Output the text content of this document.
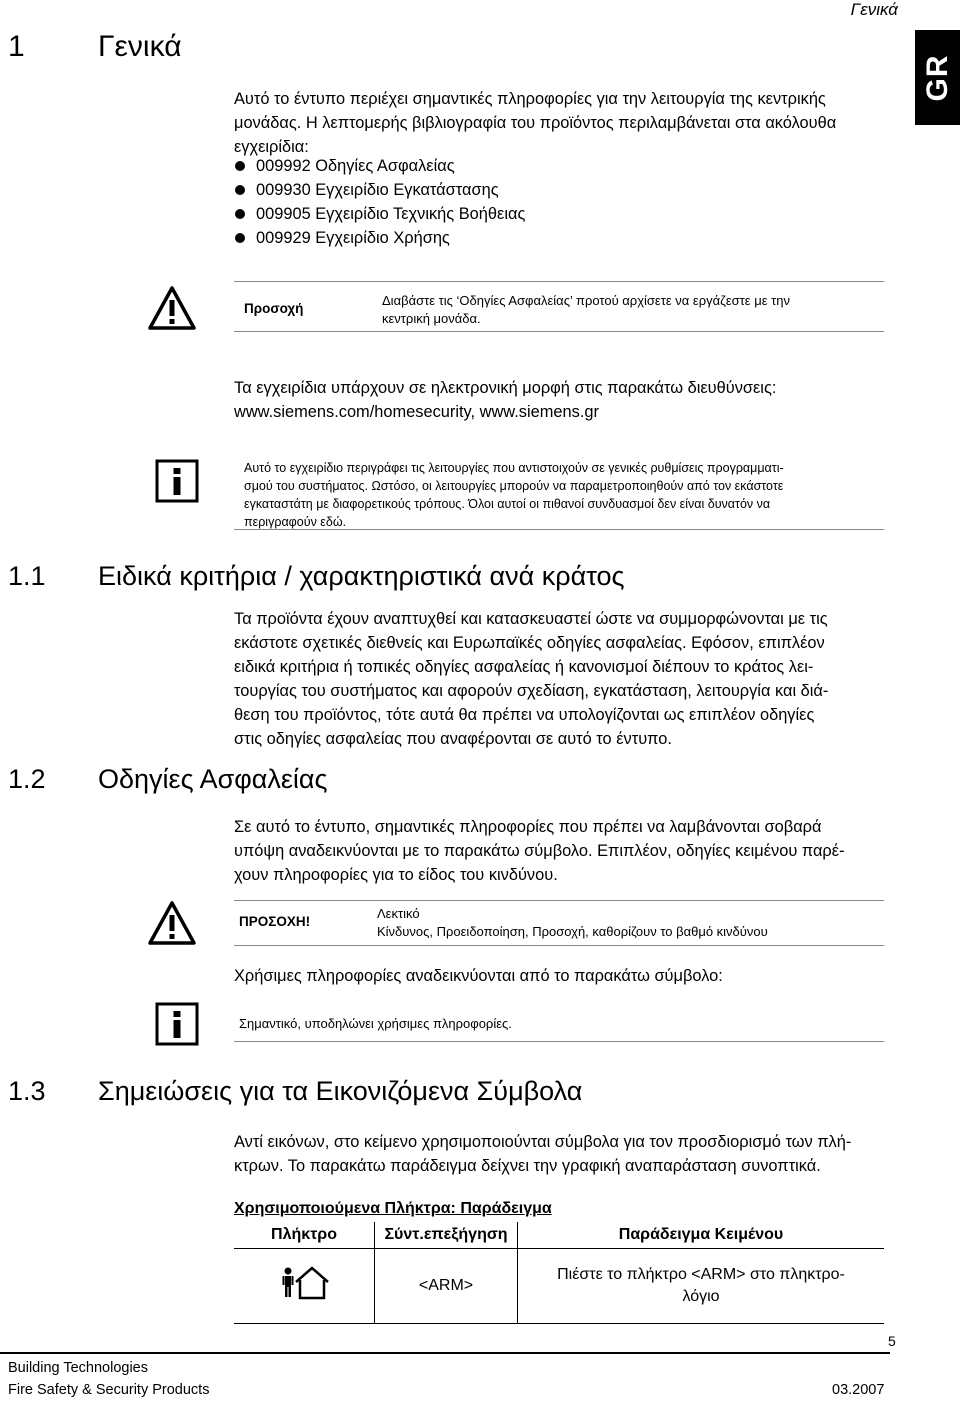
Γενικά
GR
1 Γενικά
Αυτό το έντυπο περιέχει σημαντικές πληροφορίες για την λειτουργία της κεντρικής
μονάδας. Η λεπτομερής βιβλιογραφία του προϊόντος περιλαμβάνεται στα ακόλουθα
εγχειρίδια:
009992 Οδηγίες Ασφαλείας
009930 Εγχειρίδιο Εγκατάστασης
009905 Εγχειρίδιο Τεχνικής Βοήθειας
009929 Εγχειρίδιο Χρήσης
Προσοχή
Διαβάστε τις ‘Οδηγίες Ασφαλείας’ προτού αρχίσετε να εργάζεστε με την
κεντρική μονάδα.
Τα εγχειρίδια υπάρχουν σε ηλεκτρονική μορφή στις παρακάτω διευθύνσεις:
www.siemens.com/homesecurity, www.siemens.gr
Αυτό το εγχειρίδιο περιγράφει τις λειτουργίες που αντιστοιχούν σε γενικές ρυθμίσεις προγραμματι-
σμού του συστήματος. Ωστόσο, οι λειτουργίες μπορούν να παραμετροποιηθούν από τον εκάστοτε
εγκαταστάτη με διαφορετικούς τρόπους. Όλοι αυτοί οι πιθανοί συνδυασμοί δεν είναι δυνατόν να
περιγραφούν εδώ.
1.1 Ειδικά κριτήρια / χαρακτηριστικά ανά κράτος
Τα προϊόντα έχουν αναπτυχθεί και κατασκευαστεί ώστε να συμμορφώνονται με τις
εκάστοτε σχετικές διεθνείς και Ευρωπαϊκές οδηγίες ασφαλείας. Εφόσον, επιπλέον
ειδικά κριτήρια ή τοπικές οδηγίες ασφαλείας ή κανονισμοί διέπουν το κράτος λει-
τουργίας του συστήματος και αφορούν σχεδίαση, εγκατάσταση, λειτουργία και διά-
θεση του προϊόντος, τότε αυτά θα πρέπει να υπολογίζονται ως επιπλέον οδηγίες
στις οδηγίες ασφαλείας που αναφέρονται σε αυτό το έντυπο.
1.2 Οδηγίες Ασφαλείας
Σε αυτό το έντυπο, σημαντικές πληροφορίες που πρέπει να λαμβάνονται σοβαρά
υπόψη αναδεικνύονται με το παρακάτω σύμβολο. Επιπλέον, οδηγίες κειμένου παρέ-
χουν πληροφορίες για το είδος του κινδύνου.
ΠΡΟΣΟΧΗ!
Λεκτικό
Κίνδυνος, Προειδοποίηση, Προσοχή, καθορίζουν το βαθμό κινδύνου
Χρήσιμες πληροφορίες αναδεικνύονται από το παρακάτω σύμβολο:
Σημαντικό, υποδηλώνει χρήσιμες πληροφορίες.
1.3 Σημειώσεις για τα Εικονιζόμενα Σύμβολα
Αντί εικόνων, στο κείμενο χρησιμοποιούνται σύμβολα για τον προσδιορισμό των πλή-
κτρων. Το παρακάτω παράδειγμα δείχνει την γραφική αναπαράσταση συνοπτικά.
Χρησιμοποιούμενα Πλήκτρα: Παράδειγμα
Πλήκτρο	Σύντ.επεξήγηση	Παράδειγμα Κειμένου
	<ARM>	Πιέστε το πλήκτρο <ARM> στο πληκτρο-
λόγιο
5
Building Technologies
Fire Safety & Security Products	03.2007
